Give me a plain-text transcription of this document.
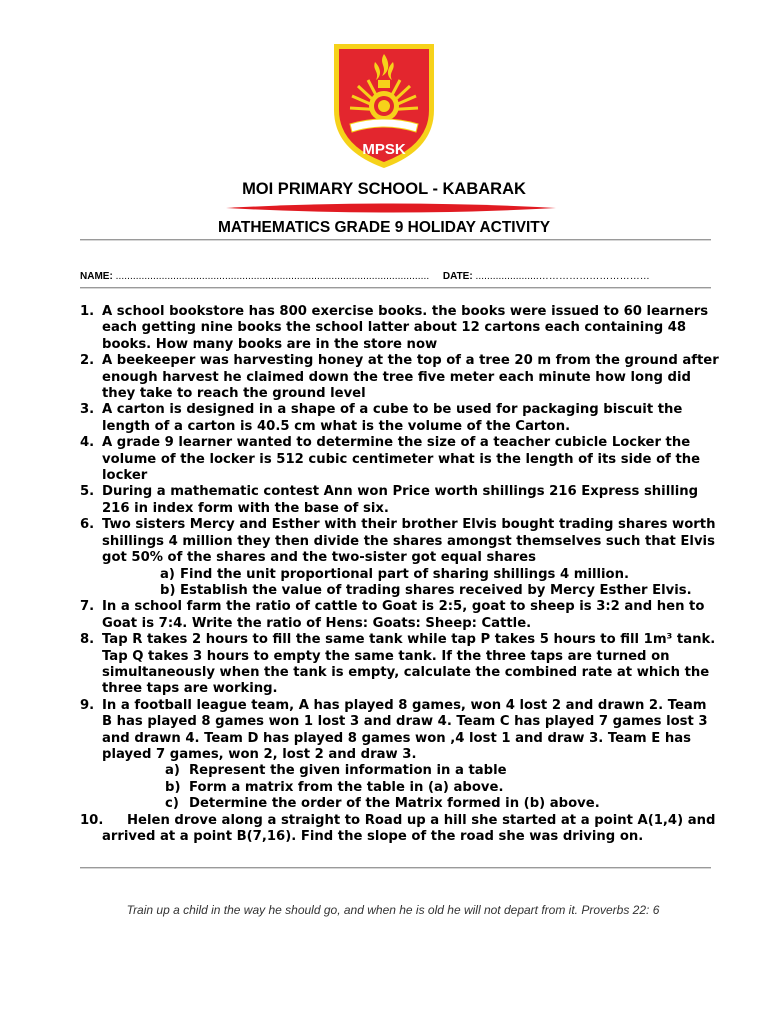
MPSK
MOI PRIMARY SCHOOL - KABARAK
MATHEMATICS GRADE 9 HOLIDAY ACTIVITY
NAME: ............................................................................................................. DATE: ......................……………………………
1. A school bookstore has 800 exercise books. the books were issued to 60 learners each getting nine books the school latter about 12 cartons each containing 48 books. How many books are in the store now
2. A beekeeper was harvesting honey at the top of a tree 20 m from the ground after enough harvest he claimed down the tree five meter each minute how long did they take to reach the ground level
3. A carton is designed in a shape of a cube to be used for packaging biscuit the length of a carton is 40.5 cm what is the volume of the Carton.
4. A grade 9 learner wanted to determine the size of a teacher cubicle Locker the volume of the locker is 512 cubic centimeter what is the length of its side of the locker
5. During a mathematic contest Ann won Price worth shillings 216 Express shilling 216 in index form with the base of six.
6. Two sisters Mercy and Esther with their brother Elvis bought trading shares worth shillings 4 million they then divide the shares amongst themselves such that Elvis got 50% of the shares and the two-sister got equal shares
a) Find the unit proportional part of sharing shillings 4 million.
b) Establish the value of trading shares received by Mercy Esther Elvis.
7. In a school farm the ratio of cattle to Goat is 2:5, goat to sheep is 3:2 and hen to Goat is 7:4. Write the ratio of Hens: Goats: Sheep: Cattle.
8. Tap R takes 2 hours to fill the same tank while tap P takes 5 hours to fill 1m³ tank. Tap Q takes 3 hours to empty the same tank. If the three taps are turned on simultaneously when the tank is empty, calculate the combined rate at which the three taps are working.
9. In a football league team, A has played 8 games, won 4 lost 2 and drawn 2. Team B has played 8 games won 1 lost 3 and draw 4. Team C has played 7 games lost 3 and drawn 4. Team D has played 8 games won ,4 lost 1 and draw 3. Team E has played 7 games, won 2, lost 2 and draw 3.
a) Represent the given information in a table
b) Form a matrix from the table in (a) above.
c) Determine the order of the Matrix formed in (b) above.
10. Helen drove along a straight to Road up a hill she started at a point A(1,4) and arrived at a point B(7,16). Find the slope of the road she was driving on.
Train up a child in the way he should go, and when he is old he will not depart from it. Proverbs 22: 6
